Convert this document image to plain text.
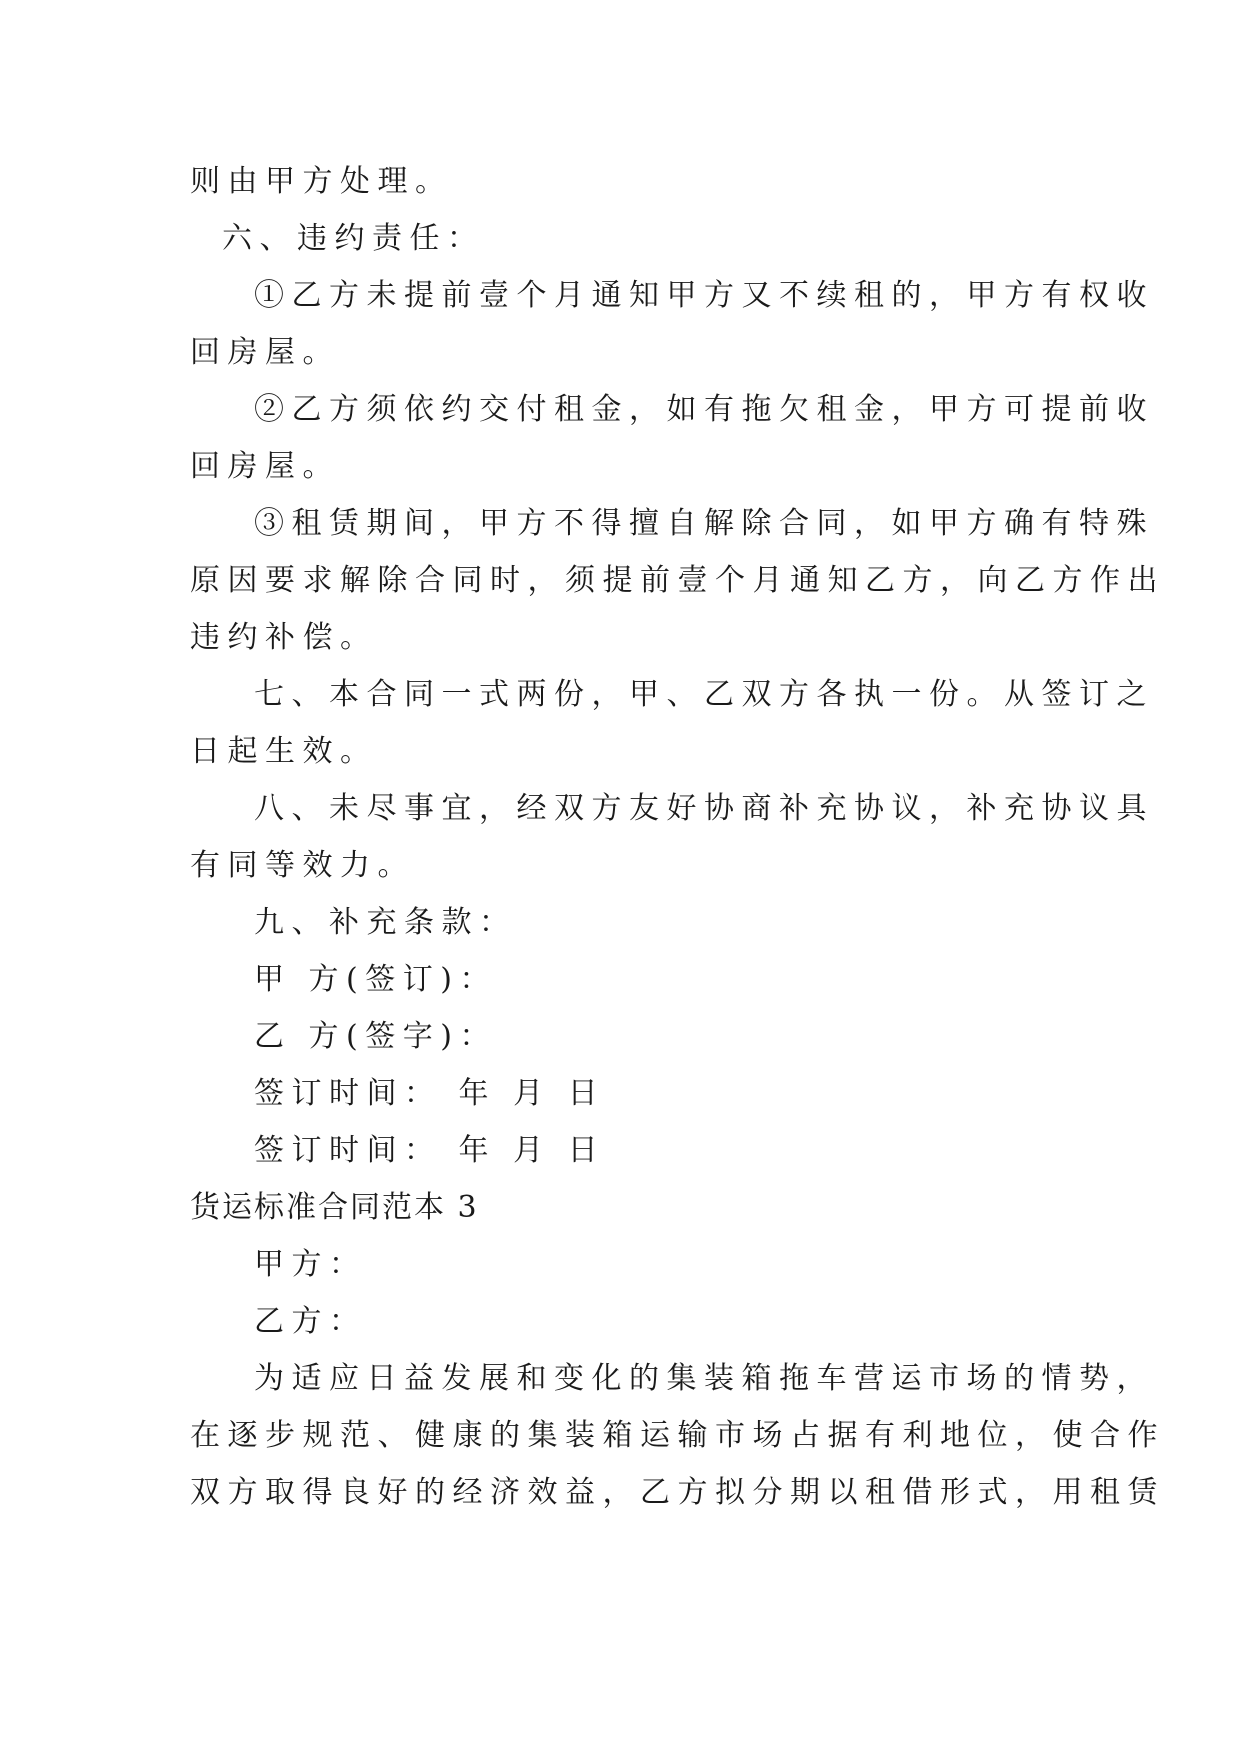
则由甲方处理。
六、违约责任：
①乙方未提前壹个月通知甲方又不续租的，甲方有权收
回房屋。
②乙方须依约交付租金，如有拖欠租金，甲方可提前收
回房屋。
③租赁期间，甲方不得擅自解除合同，如甲方确有特殊
原因要求解除合同时，须提前壹个月通知乙方，向乙方作出
违约补偿。
七、本合同一式两份，甲、乙双方各执一份。从签订之
日起生效。
八、未尽事宜，经双方友好协商补充协议，补充协议具
有同等效力。
九、补充条款：
甲 方(签订)：
乙 方(签字)：
签订时间： 年 月 日
签订时间： 年 月 日
货运标准合同范本 3
甲方：
乙方：
为适应日益发展和变化的集装箱拖车营运市场的情势，
在逐步规范、健康的集装箱运输市场占据有利地位，使合作
双方取得良好的经济效益，乙方拟分期以租借形式，用租赁
